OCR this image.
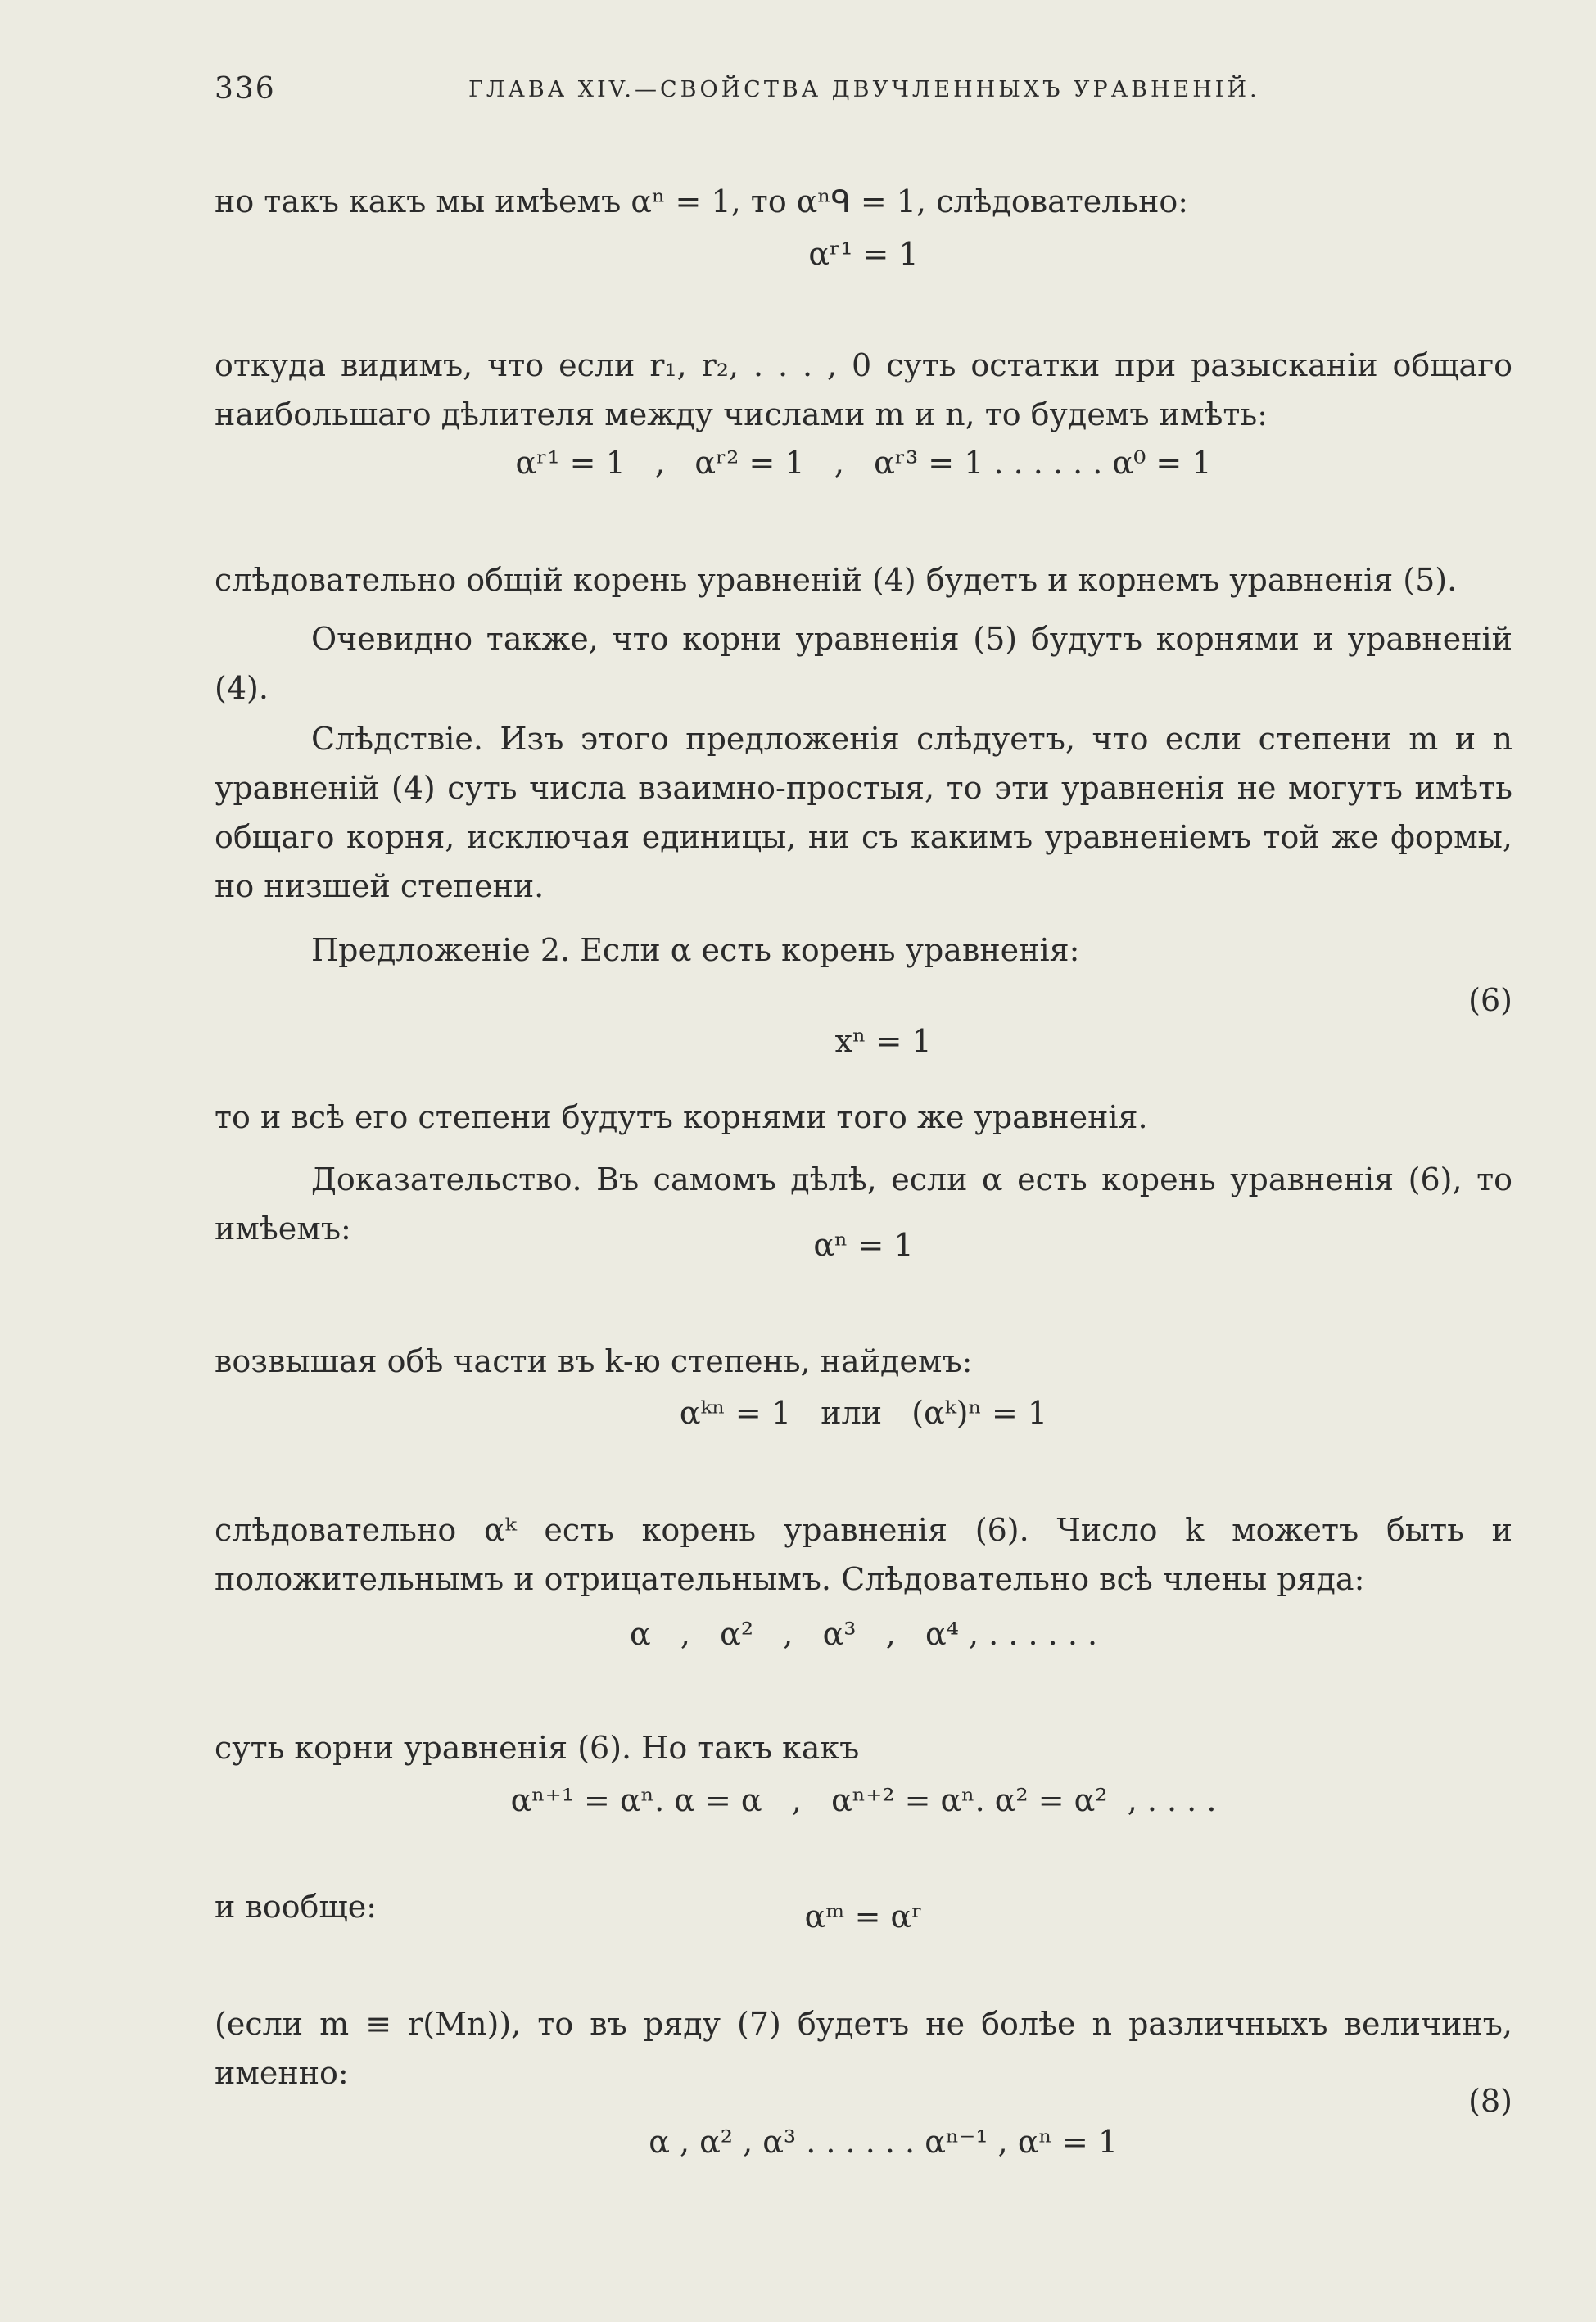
336	ГЛАВА XIV.—СВОЙСТВА ДВУЧЛЕННЫХЪ УРАВНЕНІЙ.

но такъ какъ мы имѣемъ αⁿ = 1, то αⁿᑫ = 1, слѣдовательно:

αʳ¹ = 1

откуда видимъ, что если r₁, r₂, . . . , 0 суть остатки при разысканіи общаго наибольшаго дѣлителя между числами m и n, то будемъ имѣть:

αʳ¹ = 1   ,   αʳ² = 1   ,   αʳ³ = 1 . . . . . . α⁰ = 1

слѣдовательно общій корень уравненій (4) будетъ и корнемъ уравненія (5).

Очевидно также, что корни уравненія (5) будутъ корнями и уравненій (4).

Слѣдствіе. Изъ этого предложенія слѣдуетъ, что если степени m и n уравненій (4) суть числа взаимно-простыя, то эти уравненія не могутъ имѣть общаго корня, исключая единицы, ни съ какимъ уравненіемъ той же формы, но низшей степени.

Предложеніе 2. Если α есть корень уравненія:

xⁿ = 1

(6)

то и всѣ его степени будутъ корнями того же уравненія.

Доказательство. Въ самомъ дѣлѣ, если α есть корень уравненія (6), то имѣемъ:	αⁿ = 1

возвышая обѣ части въ k-ю степень, найдемъ:

αᵏⁿ = 1   или   (αᵏ)ⁿ = 1

слѣдовательно αᵏ есть корень уравненія (6). Число k можетъ быть и положительнымъ и отрицательнымъ. Слѣдовательно всѣ члены ряда:

α   ,   α²   ,   α³   ,   α⁴ , . . . . . .

суть корни уравненія (6). Но такъ какъ

αⁿ⁺¹ = αⁿ. α = α   ,   αⁿ⁺² = αⁿ. α² = α²  , . . . .

и вообще:	αᵐ = αʳ

(если m ≡ r(Mn)), то въ ряду (7) будетъ не болѣе n различныхъ величинъ, именно:

α , α² , α³ . . . . . . αⁿ⁻¹ , αⁿ = 1

(8)
